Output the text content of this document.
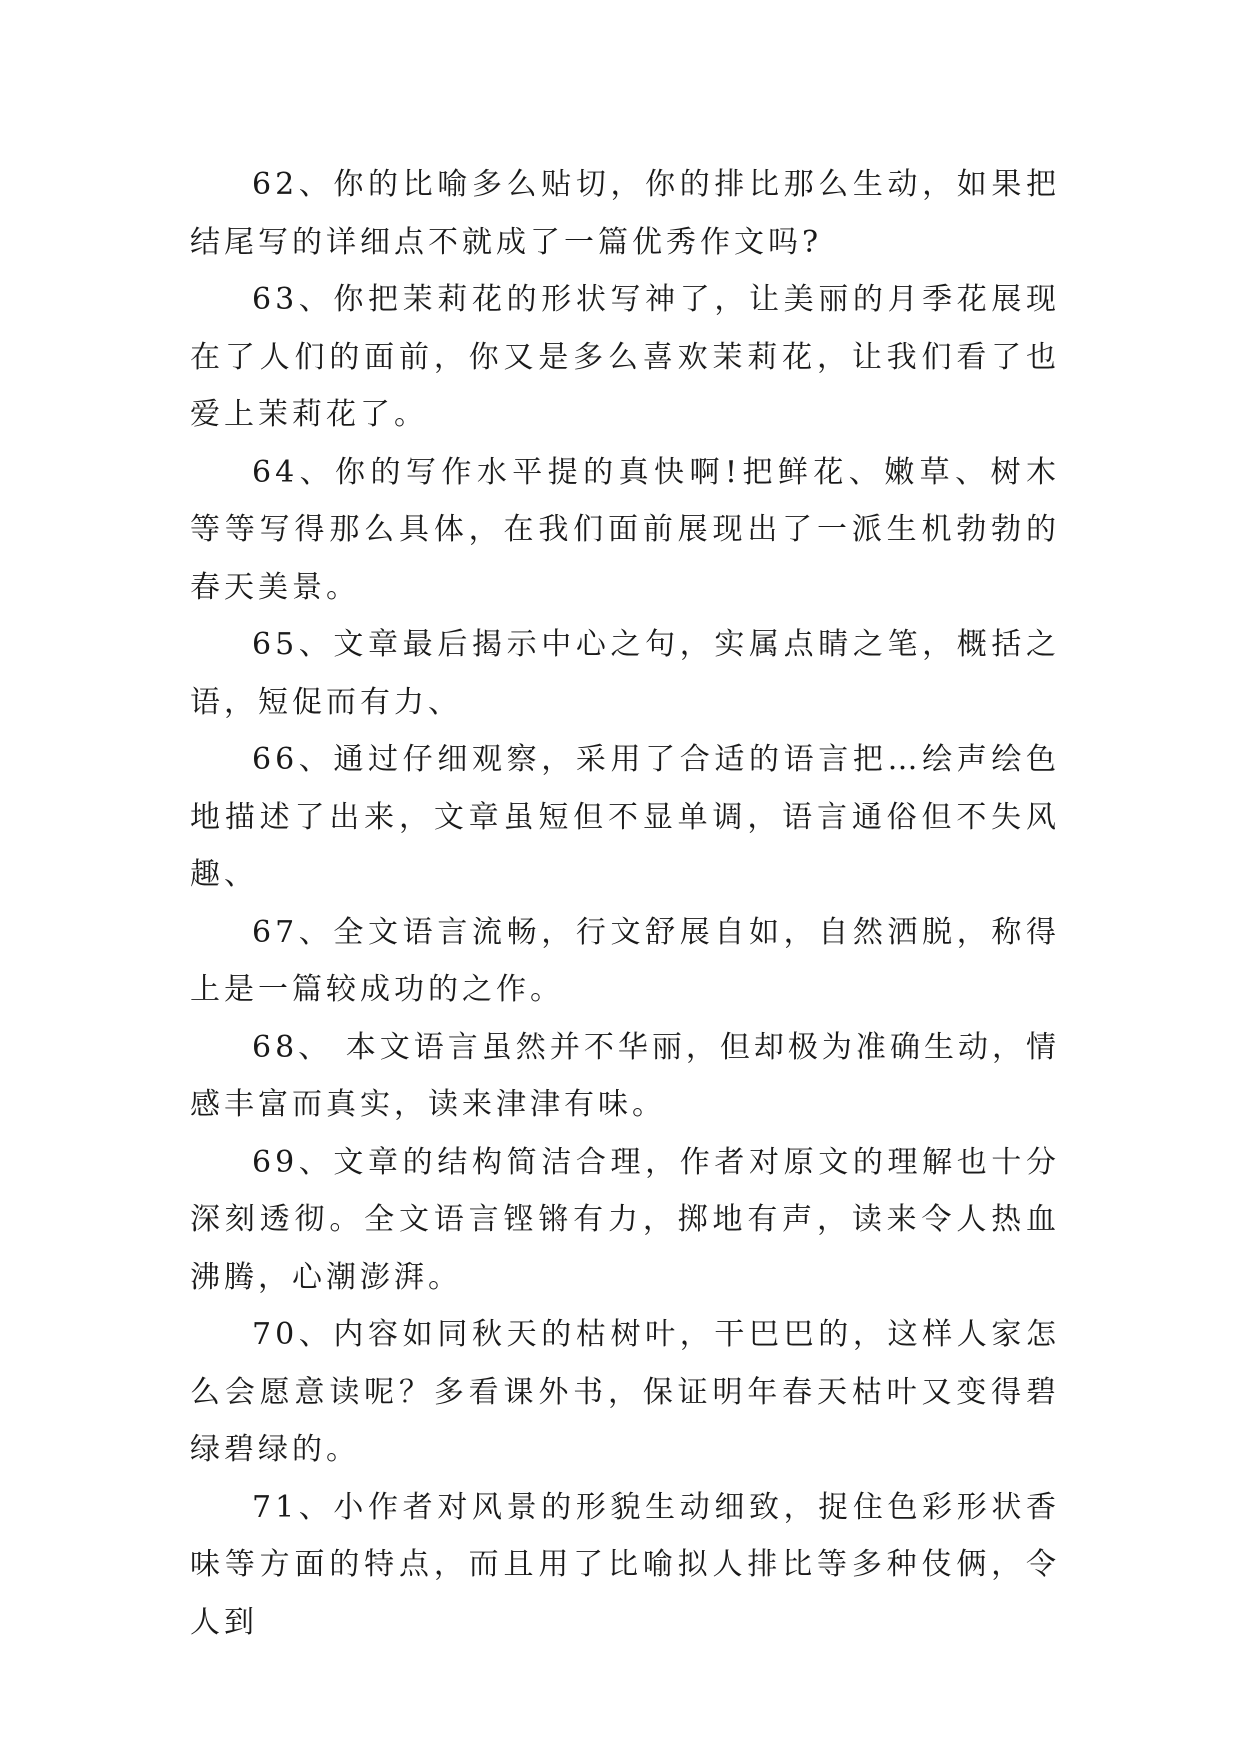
62、你的比喻多么贴切，你的排比那么生动，如果把结尾写的详细点不就成了一篇优秀作文吗?

63、你把茉莉花的形状写神了，让美丽的月季花展现在了人们的面前，你又是多么喜欢茉莉花，让我们看了也爱上茉莉花了。

64、你的写作水平提的真快啊!把鲜花、嫩草、树木等等写得那么具体，在我们面前展现出了一派生机勃勃的春天美景。

65、文章最后揭示中心之句，实属点睛之笔，概括之语，短促而有力、

66、通过仔细观察，采用了合适的语言把…绘声绘色地描述了出来，文章虽短但不显单调，语言通俗但不失风趣、

67、全文语言流畅，行文舒展自如，自然洒脱，称得上是一篇较成功的之作。

68、 本文语言虽然并不华丽，但却极为准确生动，情感丰富而真实，读来津津有味。

69、文章的结构简洁合理，作者对原文的理解也十分深刻透彻。全文语言铿锵有力，掷地有声，读来令人热血沸腾，心潮澎湃。

70、内容如同秋天的枯树叶，干巴巴的，这样人家怎么会愿意读呢？多看课外书，保证明年春天枯叶又变得碧绿碧绿的。

71、小作者对风景的形貌生动细致，捉住色彩形状香味等方面的特点，而且用了比喻拟人排比等多种伎俩，令人到
